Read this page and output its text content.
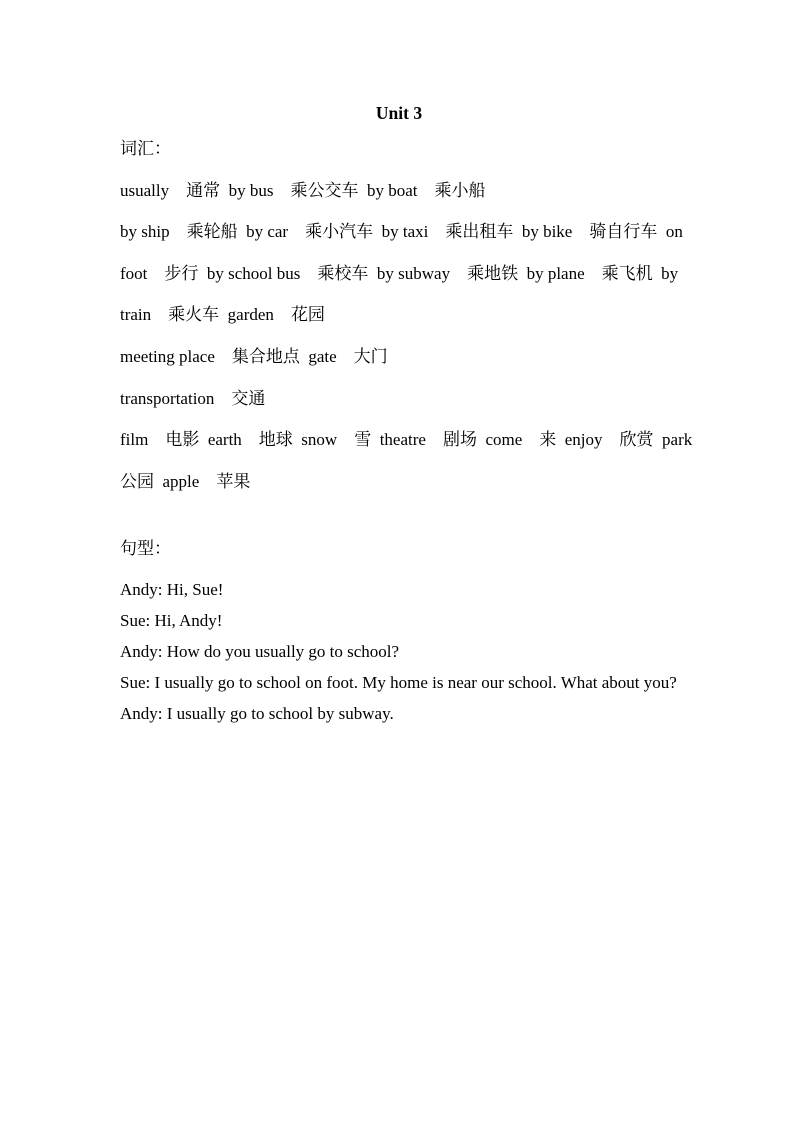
Unit 3
词汇：
usually　通常  by bus　乘公交车  by boat　乘小船
by ship　乘轮船  by car　乘小汽车  by taxi　乘出租车  by bike　骑自行车  on
foot　步行  by school bus　乘校车  by subway　乘地铁  by plane　乘飞机  by
train　乘火车  garden　花园
meeting place　集合地点  gate　大门
transportation　交通
film　电影  earth　地球  snow　雪  theatre　剧场  come　来  enjoy　欣赏  park
公园  apple　苹果
句型：
Andy: Hi, Sue!
Sue: Hi, Andy!
Andy: How do you usually go to school?
Sue: I usually go to school on foot. My home is near our school. What about you?
Andy: I usually go to school by subway.
